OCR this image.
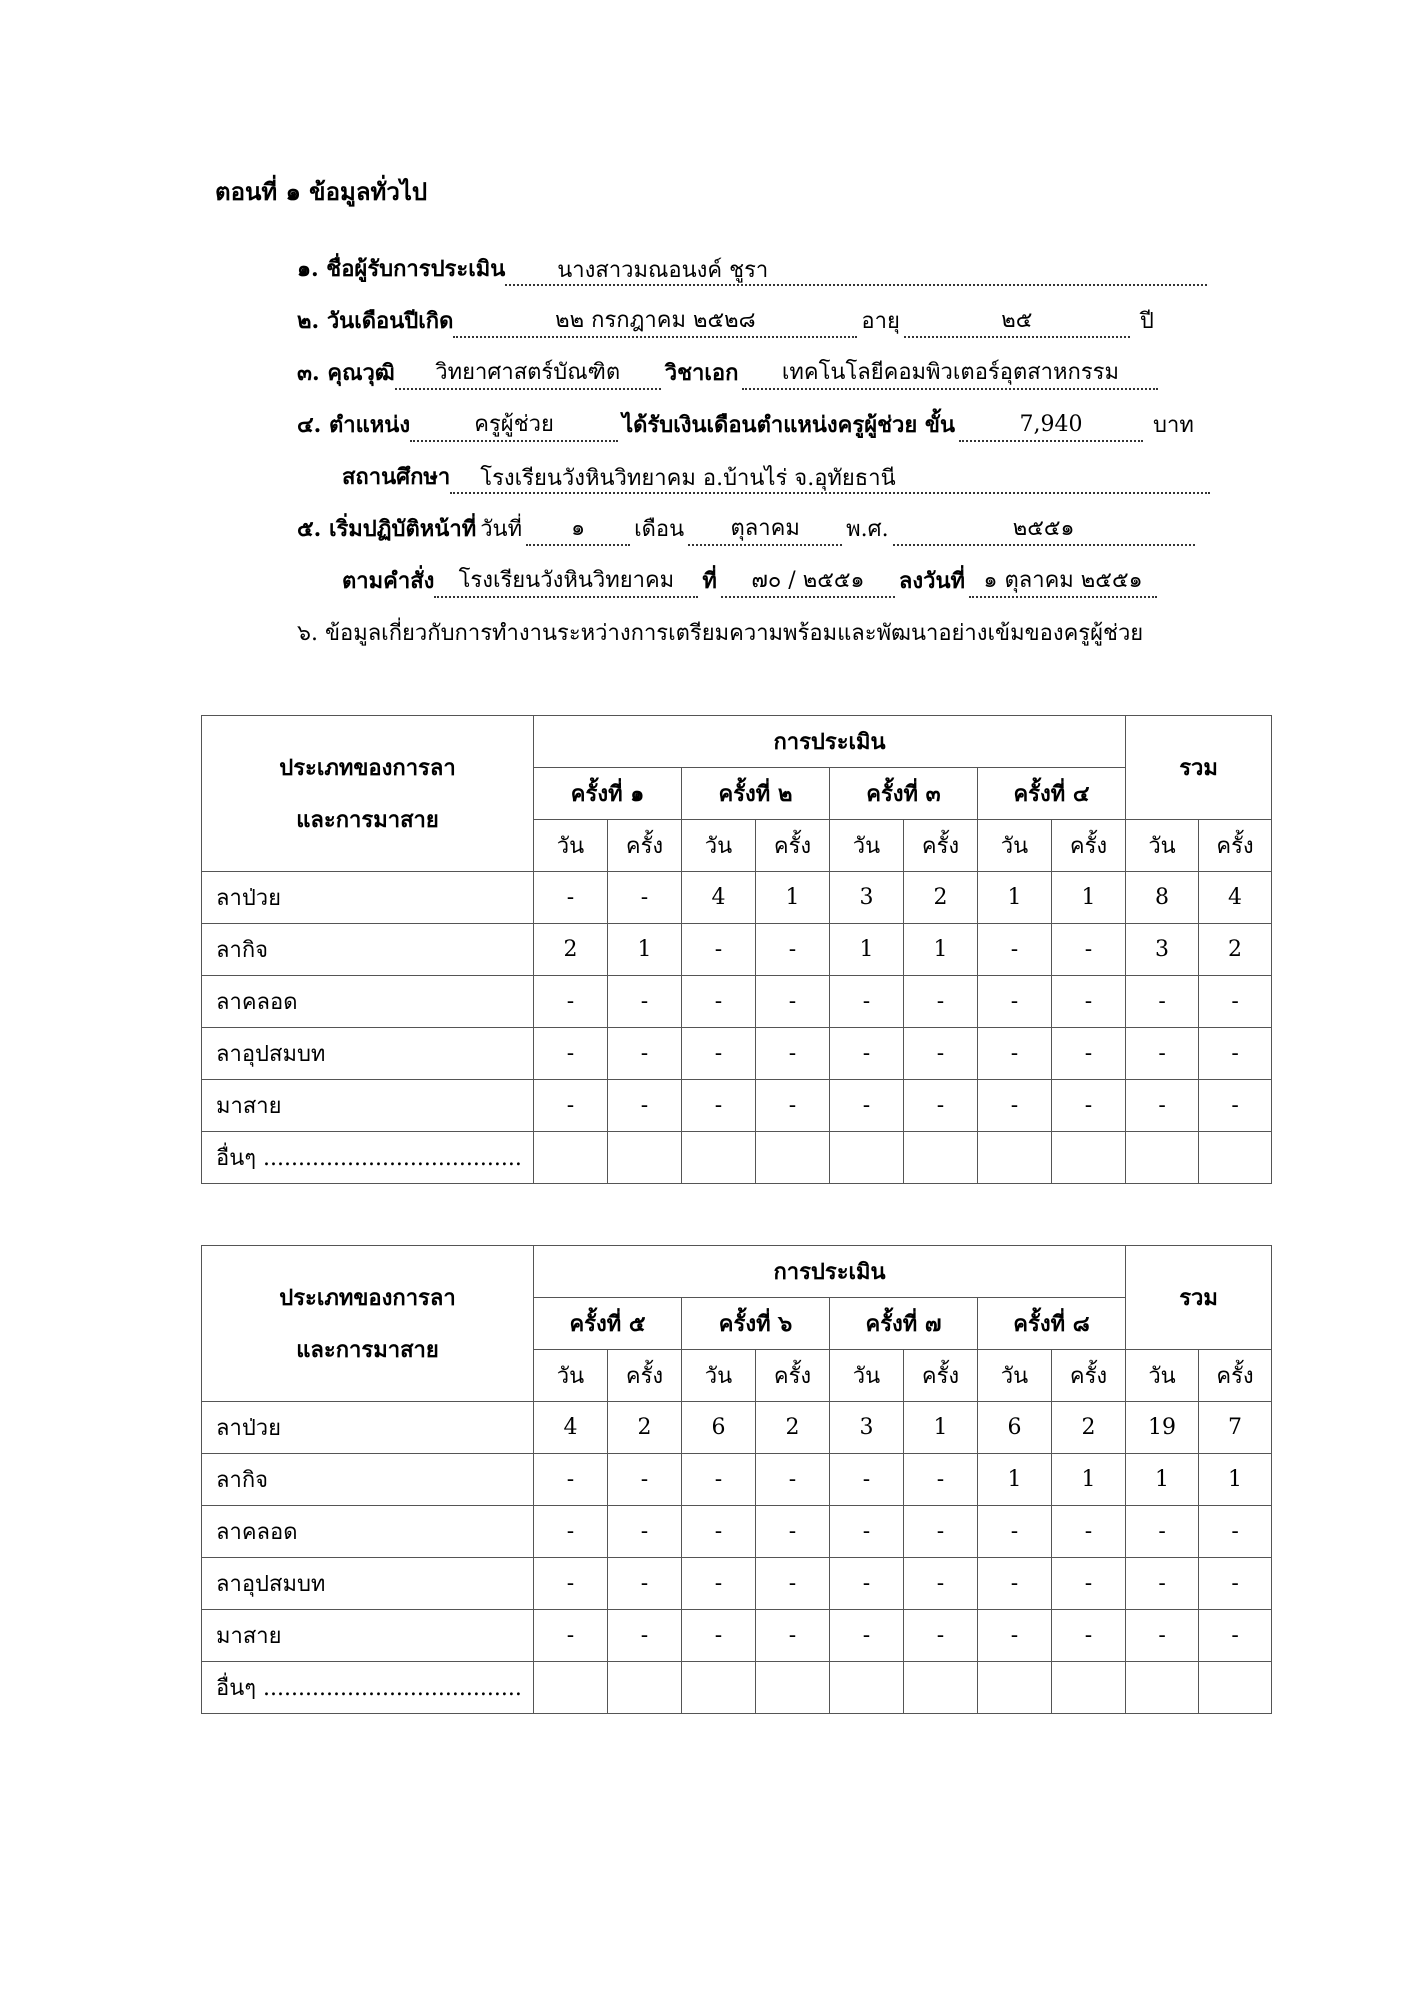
ตอนที่ ๑ ข้อมูลทั่วไป
๑. ชื่อผู้รับการประเมิน	นางสาวมณอนงค์ ชูรา
๒. วันเดือนปีเกิด	๒๒ กรกฎาคม ๒๕๒๘	อายุ	๒๕	ปี
๓. คุณวุฒิ	วิทยาศาสตร์บัณฑิต	วิชาเอก	เทคโนโลยีคอมพิวเตอร์อุตสาหกรรม
๔. ตำแหน่ง	ครูผู้ช่วย	ได้รับเงินเดือนตำแหน่งครูผู้ช่วย ขั้น	7,940	บาท
สถานศึกษา	โรงเรียนวังหินวิทยาคม อ.บ้านไร่ จ.อุทัยธานี
๕. เริ่มปฏิบัติหน้าที่ วันที่	๑	เดือน	ตุลาคม	พ.ศ.	๒๕๕๑
ตามคำสั่ง	โรงเรียนวังหินวิทยาคม	ที่	๗๐ / ๒๕๕๑	ลงวันที่ ๑ ตุลาคม ๒๕๕๑
๖. ข้อมูลเกี่ยวกับการทำงานระหว่างการเตรียมความพร้อมและพัฒนาอย่างเข้มของครูผู้ช่วย
ประเภทของการลา
และการมาสาย	การประเมิน								รวม	
	ครั้งที่ ๑		ครั้งที่ ๒		ครั้งที่ ๓		ครั้งที่ ๔			
	วัน	ครั้ง	วัน	ครั้ง	วัน	ครั้ง	วัน	ครั้ง	วัน	ครั้ง
ลาป่วย	-	-	4	1	3	2	1	1	8	4
ลากิจ	2	1	-	-	1	1	-	-	3	2
ลาคลอด	-	-	-	-	-	-	-	-	-	-
ลาอุปสมบท	-	-	-	-	-	-	-	-	-	-
มาสาย	-	-	-	-	-	-	-	-	-	-
อื่นๆ .....................................										
ประเภทของการลา
และการมาสาย	การประเมิน								รวม	
	ครั้งที่ ๕		ครั้งที่ ๖		ครั้งที่ ๗		ครั้งที่ ๘			
	วัน	ครั้ง	วัน	ครั้ง	วัน	ครั้ง	วัน	ครั้ง	วัน	ครั้ง
ลาป่วย	4	2	6	2	3	1	6	2	19	7
ลากิจ	-	-	-	-	-	-	1	1	1	1
ลาคลอด	-	-	-	-	-	-	-	-	-	-
ลาอุปสมบท	-	-	-	-	-	-	-	-	-	-
มาสาย	-	-	-	-	-	-	-	-	-	-
อื่นๆ .....................................										
